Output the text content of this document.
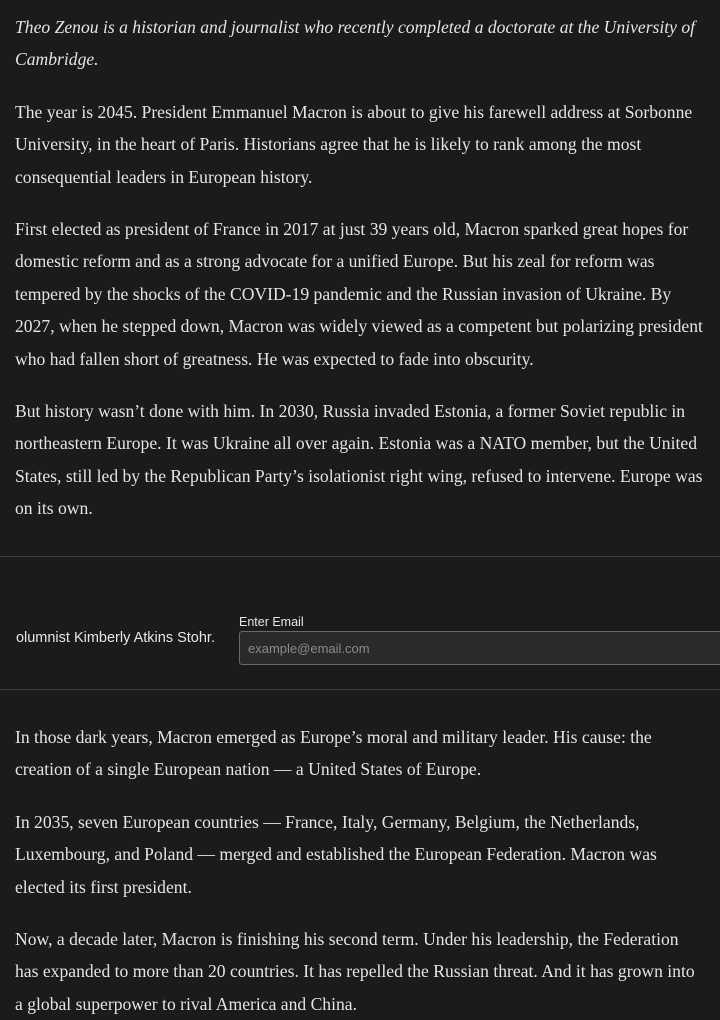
Theo Zenou is a historian and journalist who recently completed a doctorate at the University of Cambridge.

The year is 2045. President Emmanuel Macron is about to give his farewell address at Sorbonne University, in the heart of Paris. Historians agree that he is likely to rank among the most consequential leaders in European history.

First elected as president of France in 2017 at just 39 years old, Macron sparked great hopes for domestic reform and as a strong advocate for a unified Europe. But his zeal for reform was tempered by the shocks of the COVID-19 pandemic and the Russian invasion of Ukraine. By 2027, when he stepped down, Macron was widely viewed as a competent but polarizing president who had fallen short of greatness. He was expected to fade into obscurity.

But history wasn’t done with him. In 2030, Russia invaded Estonia, a former Soviet republic in northeastern Europe. It was Ukraine all over again. Estonia was a NATO member, but the United States, still led by the Republican Party’s isolationist right wing, refused to intervene. Europe was on its own.

olumnist Kimberly Atkins Stohr.
Enter Email
example@email.com

In those dark years, Macron emerged as Europe’s moral and military leader. His cause: the creation of a single European nation — a United States of Europe.

In 2035, seven European countries — France, Italy, Germany, Belgium, the Netherlands, Luxembourg, and Poland — merged and established the European Federation. Macron was elected its first president.

Now, a decade later, Macron is finishing his second term. Under his leadership, the Federation has expanded to more than 20 countries. It has repelled the Russian threat. And it has grown into a global superpower to rival America and China.
